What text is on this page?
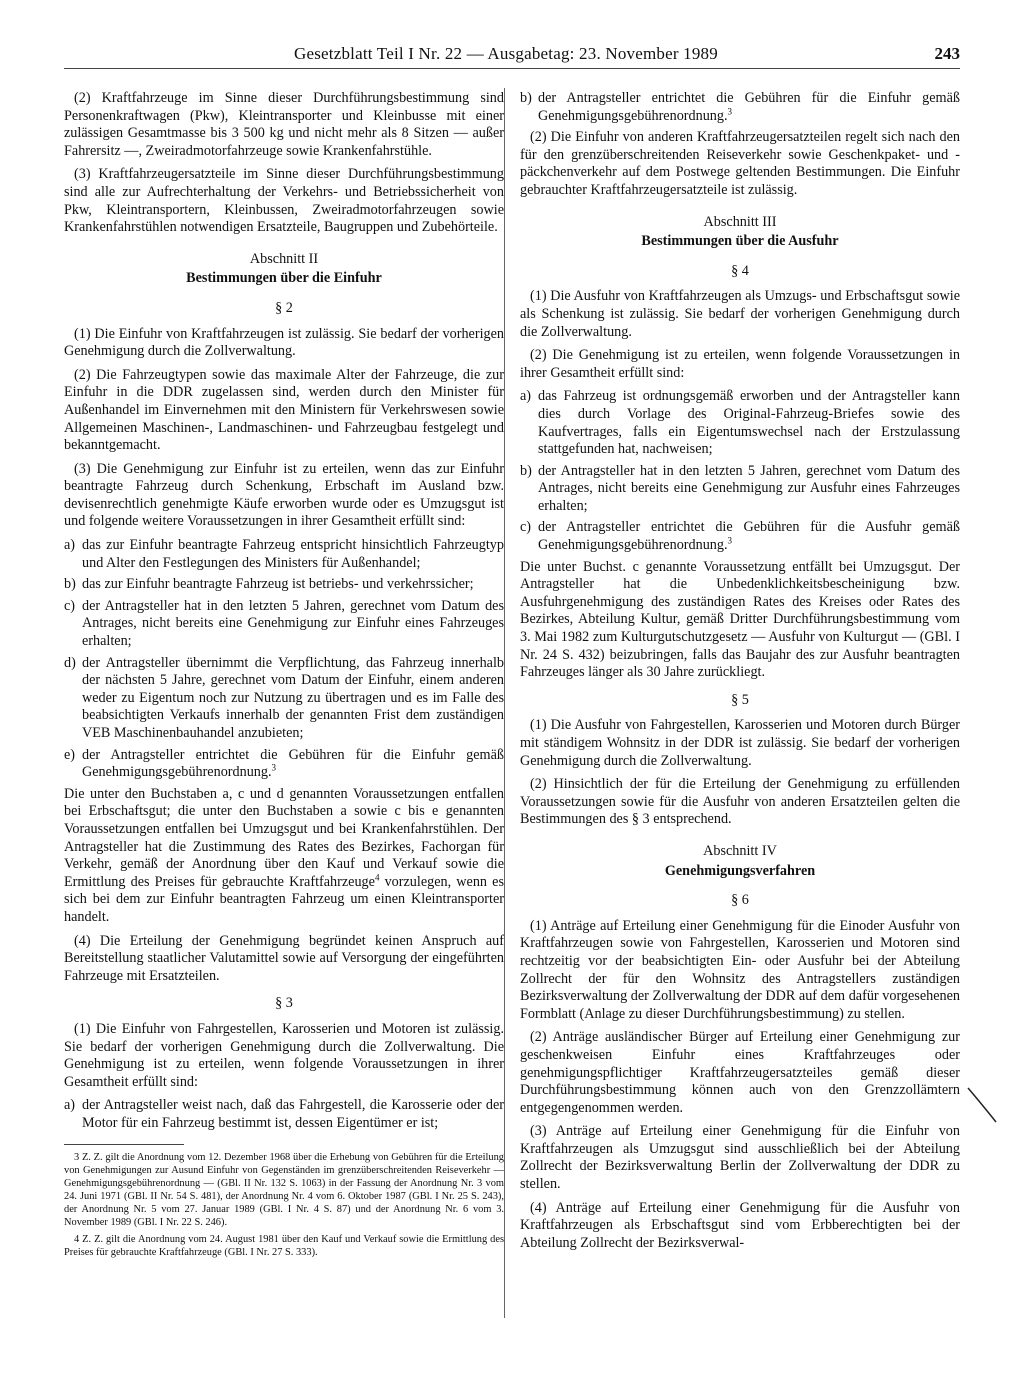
Gesetzblatt Teil I Nr. 22 — Ausgabetag: 23. November 1989	243

(2) Kraftfahrzeuge im Sinne dieser Durchführungsbestimmung sind Personenkraftwagen (Pkw), Kleintransporter und Kleinbusse mit einer zulässigen Gesamtmasse bis 3 500 kg und nicht mehr als 8 Sitzen — außer Fahrersitz —, Zweiradmotorfahrzeuge sowie Krankenfahrstühle.

(3) Kraftfahrzeugersatzteile im Sinne dieser Durchführungsbestimmung sind alle zur Aufrechterhaltung der Verkehrs- und Betriebssicherheit von Pkw, Kleintransportern, Kleinbussen, Zweiradmotorfahrzeugen sowie Krankenfahrstühlen notwendigen Ersatzteile, Baugruppen und Zubehörteile.

Abschnitt II
Bestimmungen über die Einfuhr
§ 2

(1) Die Einfuhr von Kraftfahrzeugen ist zulässig. Sie bedarf der vorherigen Genehmigung durch die Zollverwaltung.

(2) Die Fahrzeugtypen sowie das maximale Alter der Fahrzeuge, die zur Einfuhr in die DDR zugelassen sind, werden durch den Minister für Außenhandel im Einvernehmen mit den Ministern für Verkehrswesen sowie Allgemeinen Maschinen-, Landmaschinen- und Fahrzeugbau festgelegt und bekanntgemacht.

(3) Die Genehmigung zur Einfuhr ist zu erteilen, wenn das zur Einfuhr beantragte Fahrzeug durch Schenkung, Erbschaft im Ausland bzw. devisenrechtlich genehmigte Käufe erworben wurde oder es Umzugsgut ist und folgende weitere Voraussetzungen in ihrer Gesamtheit erfüllt sind:

a) das zur Einfuhr beantragte Fahrzeug entspricht hinsichtlich Fahrzeugtyp und Alter den Festlegungen des Ministers für Außenhandel;
b) das zur Einfuhr beantragte Fahrzeug ist betriebs- und verkehrssicher;
c) der Antragsteller hat in den letzten 5 Jahren, gerechnet vom Datum des Antrages, nicht bereits eine Genehmigung zur Einfuhr eines Fahrzeuges erhalten;
d) der Antragsteller übernimmt die Verpflichtung, das Fahrzeug innerhalb der nächsten 5 Jahre, gerechnet vom Datum der Einfuhr, einem anderen weder zu Eigentum noch zur Nutzung zu übertragen und es im Falle des beabsichtigten Verkaufs innerhalb der genannten Frist dem zuständigen VEB Maschinenbauhandel anzubieten;
e) der Antragsteller entrichtet die Gebühren für die Einfuhr gemäß Genehmigungsgebührenordnung.$^3$

Die unter den Buchstaben a, c und d genannten Voraussetzungen entfallen bei Erbschaftsgut; die unter den Buchstaben a sowie c bis e genannten Voraussetzungen entfallen bei Umzugsgut und bei Krankenfahrstühlen. Der Antragsteller hat die Zustimmung des Rates des Bezirkes, Fachorgan für Verkehr, gemäß der Anordnung über den Kauf und Verkauf sowie die Ermittlung des Preises für gebrauchte Kraftfahrzeuge$^4$ vorzulegen, wenn es sich bei dem zur Einfuhr beantragten Fahrzeug um einen Kleintransporter handelt.

(4) Die Erteilung der Genehmigung begründet keinen Anspruch auf Bereitstellung staatlicher Valutamittel sowie auf Versorgung der eingeführten Fahrzeuge mit Ersatzteilen.

§ 3

(1) Die Einfuhr von Fahrgestellen, Karosserien und Motoren ist zulässig. Sie bedarf der vorherigen Genehmigung durch die Zollverwaltung. Die Genehmigung ist zu erteilen, wenn folgende Voraussetzungen in ihrer Gesamtheit erfüllt sind:

a) der Antragsteller weist nach, daß das Fahrgestell, die Karosserie oder der Motor für ein Fahrzeug bestimmt ist, dessen Eigentümer er ist;

3 Z. Z. gilt die Anordnung vom 12. Dezember 1968 über die Erhebung von Gebühren für die Erteilung von Genehmigungen zur Ausund Einfuhr von Gegenständen im grenzüberschreitenden Reiseverkehr — Genehmigungsgebührenordnung — (GBl. II Nr. 132 S. 1063) in der Fassung der Anordnung Nr. 3 vom 24. Juni 1971 (GBl. II Nr. 54 S. 481), der Anordnung Nr. 4 vom 6. Oktober 1987 (GBl. I Nr. 25 S. 243), der Anordnung Nr. 5 vom 27. Januar 1989 (GBl. I Nr. 4 S. 87) und der Anordnung Nr. 6 vom 3. November 1989 (GBl. I Nr. 22 S. 246).

4 Z. Z. gilt die Anordnung vom 24. August 1981 über den Kauf und Verkauf sowie die Ermittlung des Preises für gebrauchte Kraftfahrzeuge (GBl. I Nr. 27 S. 333).

b) der Antragsteller entrichtet die Gebühren für die Einfuhr gemäß Genehmigungsgebührenordnung.$^3$

(2) Die Einfuhr von anderen Kraftfahrzeugersatzteilen regelt sich nach den für den grenzüberschreitenden Reiseverkehr sowie Geschenkpaket- und -päckchenverkehr auf dem Postwege geltenden Bestimmungen. Die Einfuhr gebrauchter Kraftfahrzeugersatzteile ist zulässig.

Abschnitt III
Bestimmungen über die Ausfuhr
§ 4

(1) Die Ausfuhr von Kraftfahrzeugen als Umzugs- und Erbschaftsgut sowie als Schenkung ist zulässig. Sie bedarf der vorherigen Genehmigung durch die Zollverwaltung.

(2) Die Genehmigung ist zu erteilen, wenn folgende Voraussetzungen in ihrer Gesamtheit erfüllt sind:

a) das Fahrzeug ist ordnungsgemäß erworben und der Antragsteller kann dies durch Vorlage des Original-Fahrzeug-Briefes sowie des Kaufvertrages, falls ein Eigentumswechsel nach der Erstzulassung stattgefunden hat, nachweisen;
b) der Antragsteller hat in den letzten 5 Jahren, gerechnet vom Datum des Antrages, nicht bereits eine Genehmigung zur Ausfuhr eines Fahrzeuges erhalten;
c) der Antragsteller entrichtet die Gebühren für die Ausfuhr gemäß Genehmigungsgebührenordnung.$^3$

Die unter Buchst. c genannte Voraussetzung entfällt bei Umzugsgut. Der Antragsteller hat die Unbedenklichkeitsbescheinigung bzw. Ausfuhrgenehmigung des zuständigen Rates des Kreises oder Rates des Bezirkes, Abteilung Kultur, gemäß Dritter Durchführungsbestimmung vom 3. Mai 1982 zum Kulturgutschutzgesetz — Ausfuhr von Kulturgut — (GBl. I Nr. 24 S. 432) beizubringen, falls das Baujahr des zur Ausfuhr beantragten Fahrzeuges länger als 30 Jahre zurückliegt.

§ 5

(1) Die Ausfuhr von Fahrgestellen, Karosserien und Motoren durch Bürger mit ständigem Wohnsitz in der DDR ist zulässig. Sie bedarf der vorherigen Genehmigung durch die Zollverwaltung.

(2) Hinsichtlich der für die Erteilung der Genehmigung zu erfüllenden Voraussetzungen sowie für die Ausfuhr von anderen Ersatzteilen gelten die Bestimmungen des § 3 entsprechend.

Abschnitt IV
Genehmigungsverfahren
§ 6

(1) Anträge auf Erteilung einer Genehmigung für die Einoder Ausfuhr von Kraftfahrzeugen sowie von Fahrgestellen, Karosserien und Motoren sind rechtzeitig vor der beabsichtigten Ein- oder Ausfuhr bei der Abteilung Zollrecht der für den Wohnsitz des Antragstellers zuständigen Bezirksverwaltung der Zollverwaltung der DDR auf dem dafür vorgesehenen Formblatt (Anlage zu dieser Durchführungsbestimmung) zu stellen.

(2) Anträge ausländischer Bürger auf Erteilung einer Genehmigung zur geschenkweisen Einfuhr eines Kraftfahrzeuges oder genehmigungspflichtiger Kraftfahrzeugersatzteiles gemäß dieser Durchführungsbestimmung können auch von den Grenzzollämtern entgegengenommen werden.

(3) Anträge auf Erteilung einer Genehmigung für die Einfuhr von Kraftfahrzeugen als Umzugsgut sind ausschließlich bei der Abteilung Zollrecht der Bezirksverwaltung Berlin der Zollverwaltung der DDR zu stellen.

(4) Anträge auf Erteilung einer Genehmigung für die Ausfuhr von Kraftfahrzeugen als Erbschaftsgut sind vom Erbberechtigten bei der Abteilung Zollrecht der Bezirksverwal-
